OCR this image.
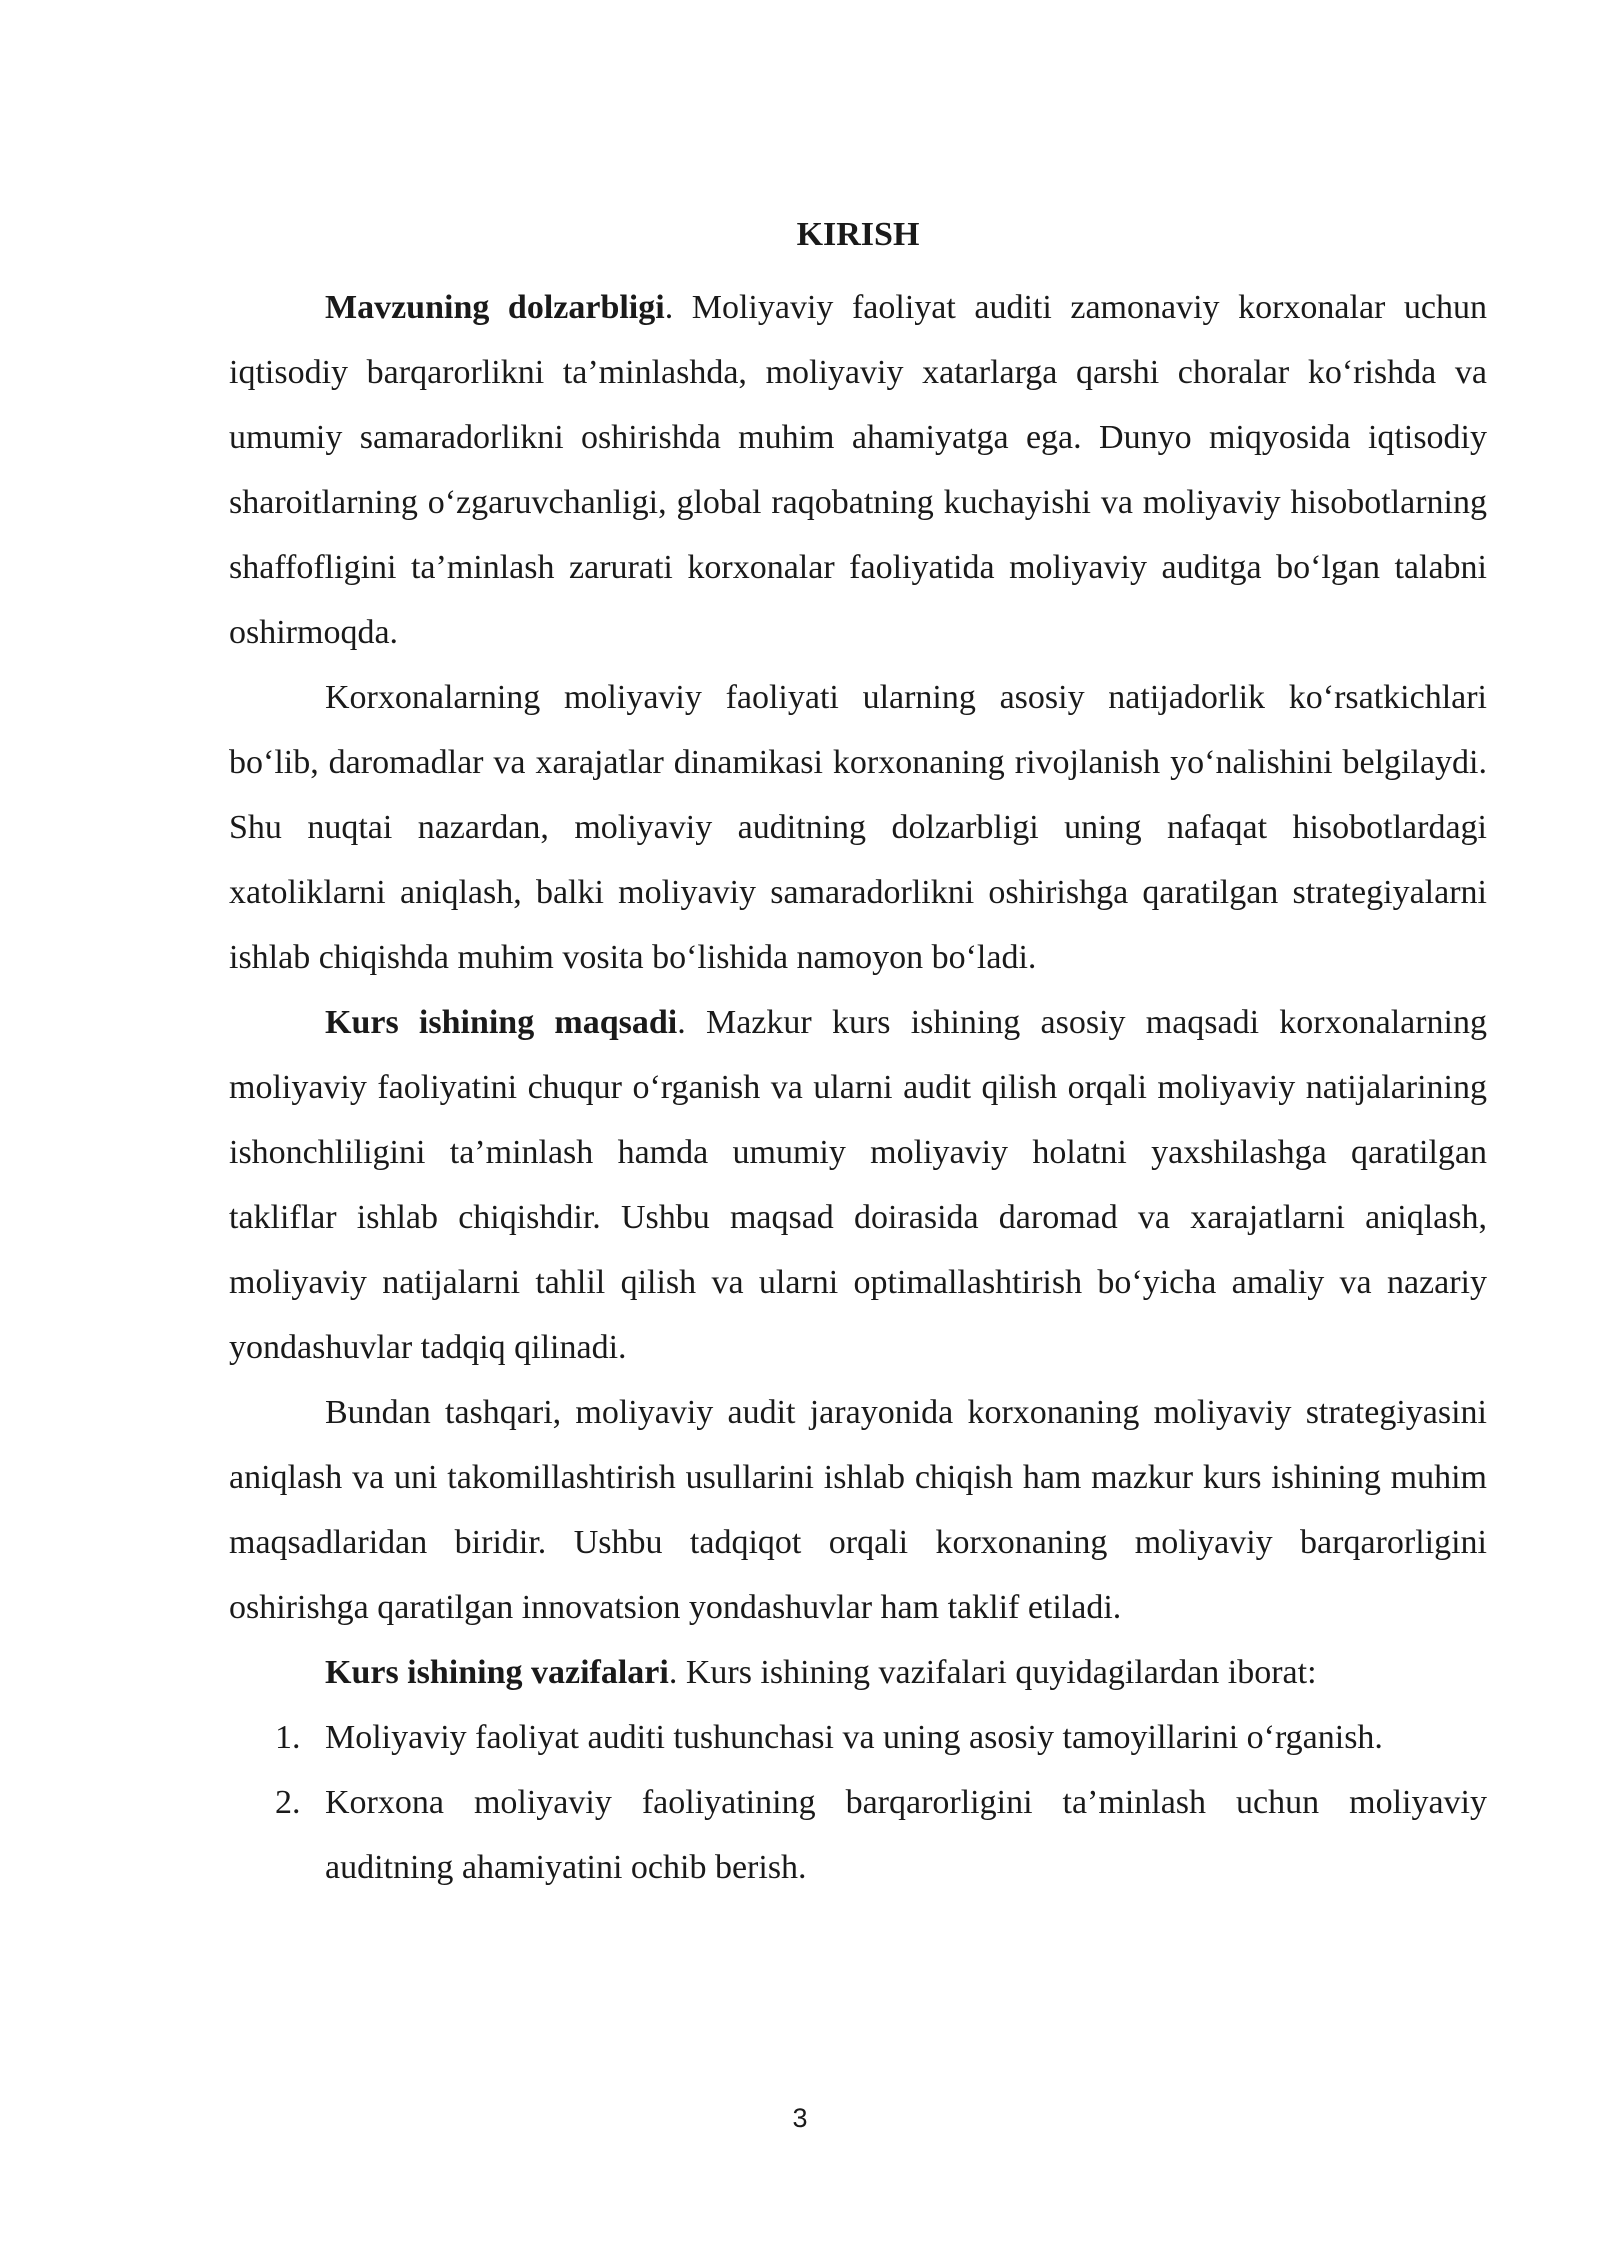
KIRISH

Mavzuning dolzarbligi. Moliyaviy faoliyat auditi zamonaviy korxonalar uchun iqtisodiy barqarorlikni ta’minlashda, moliyaviy xatarlarga qarshi choralar ko‘rishda va umumiy samaradorlikni oshirishda muhim ahamiyatga ega. Dunyo miqyosida iqtisodiy sharoitlarning o‘zgaruvchanligi, global raqobatning kuchayishi va moliyaviy hisobotlarning shaffofligini ta’minlash zarurati korxonalar faoliyatida moliyaviy auditga bo‘lgan talabni oshirmoqda.

Korxonalarning moliyaviy faoliyati ularning asosiy natijadorlik ko‘rsatkichlari bo‘lib, daromadlar va xarajatlar dinamikasi korxonaning rivojlanish yo‘nalishini belgilaydi. Shu nuqtai nazardan, moliyaviy auditning dolzarbligi uning nafaqat hisobotlardagi xatoliklarni aniqlash, balki moliyaviy samaradorlikni oshirishga qaratilgan strategiyalarni ishlab chiqishda muhim vosita bo‘lishida namoyon bo‘ladi.

Kurs ishining maqsadi. Mazkur kurs ishining asosiy maqsadi korxonalarning moliyaviy faoliyatini chuqur o‘rganish va ularni audit qilish orqali moliyaviy natijalarining ishonchliligini ta’minlash hamda umumiy moliyaviy holatni yaxshilashga qaratilgan takliflar ishlab chiqishdir. Ushbu maqsad doirasida daromad va xarajatlarni aniqlash, moliyaviy natijalarni tahlil qilish va ularni optimallashtirish bo‘yicha amaliy va nazariy yondashuvlar tadqiq qilinadi.

Bundan tashqari, moliyaviy audit jarayonida korxonaning moliyaviy strategiyasini aniqlash va uni takomillashtirish usullarini ishlab chiqish ham mazkur kurs ishining muhim maqsadlaridan biridir. Ushbu tadqiqot orqali korxonaning moliyaviy barqarorligini oshirishga qaratilgan innovatsion yondashuvlar ham taklif etiladi.

Kurs ishining vazifalari. Kurs ishining vazifalari quyidagilardan iborat:

1. Moliyaviy faoliyat auditi tushunchasi va uning asosiy tamoyillarini o‘rganish.
2. Korxona moliyaviy faoliyatining barqarorligini ta’minlash uchun moliyaviy auditning ahamiyatini ochib berish.
3
